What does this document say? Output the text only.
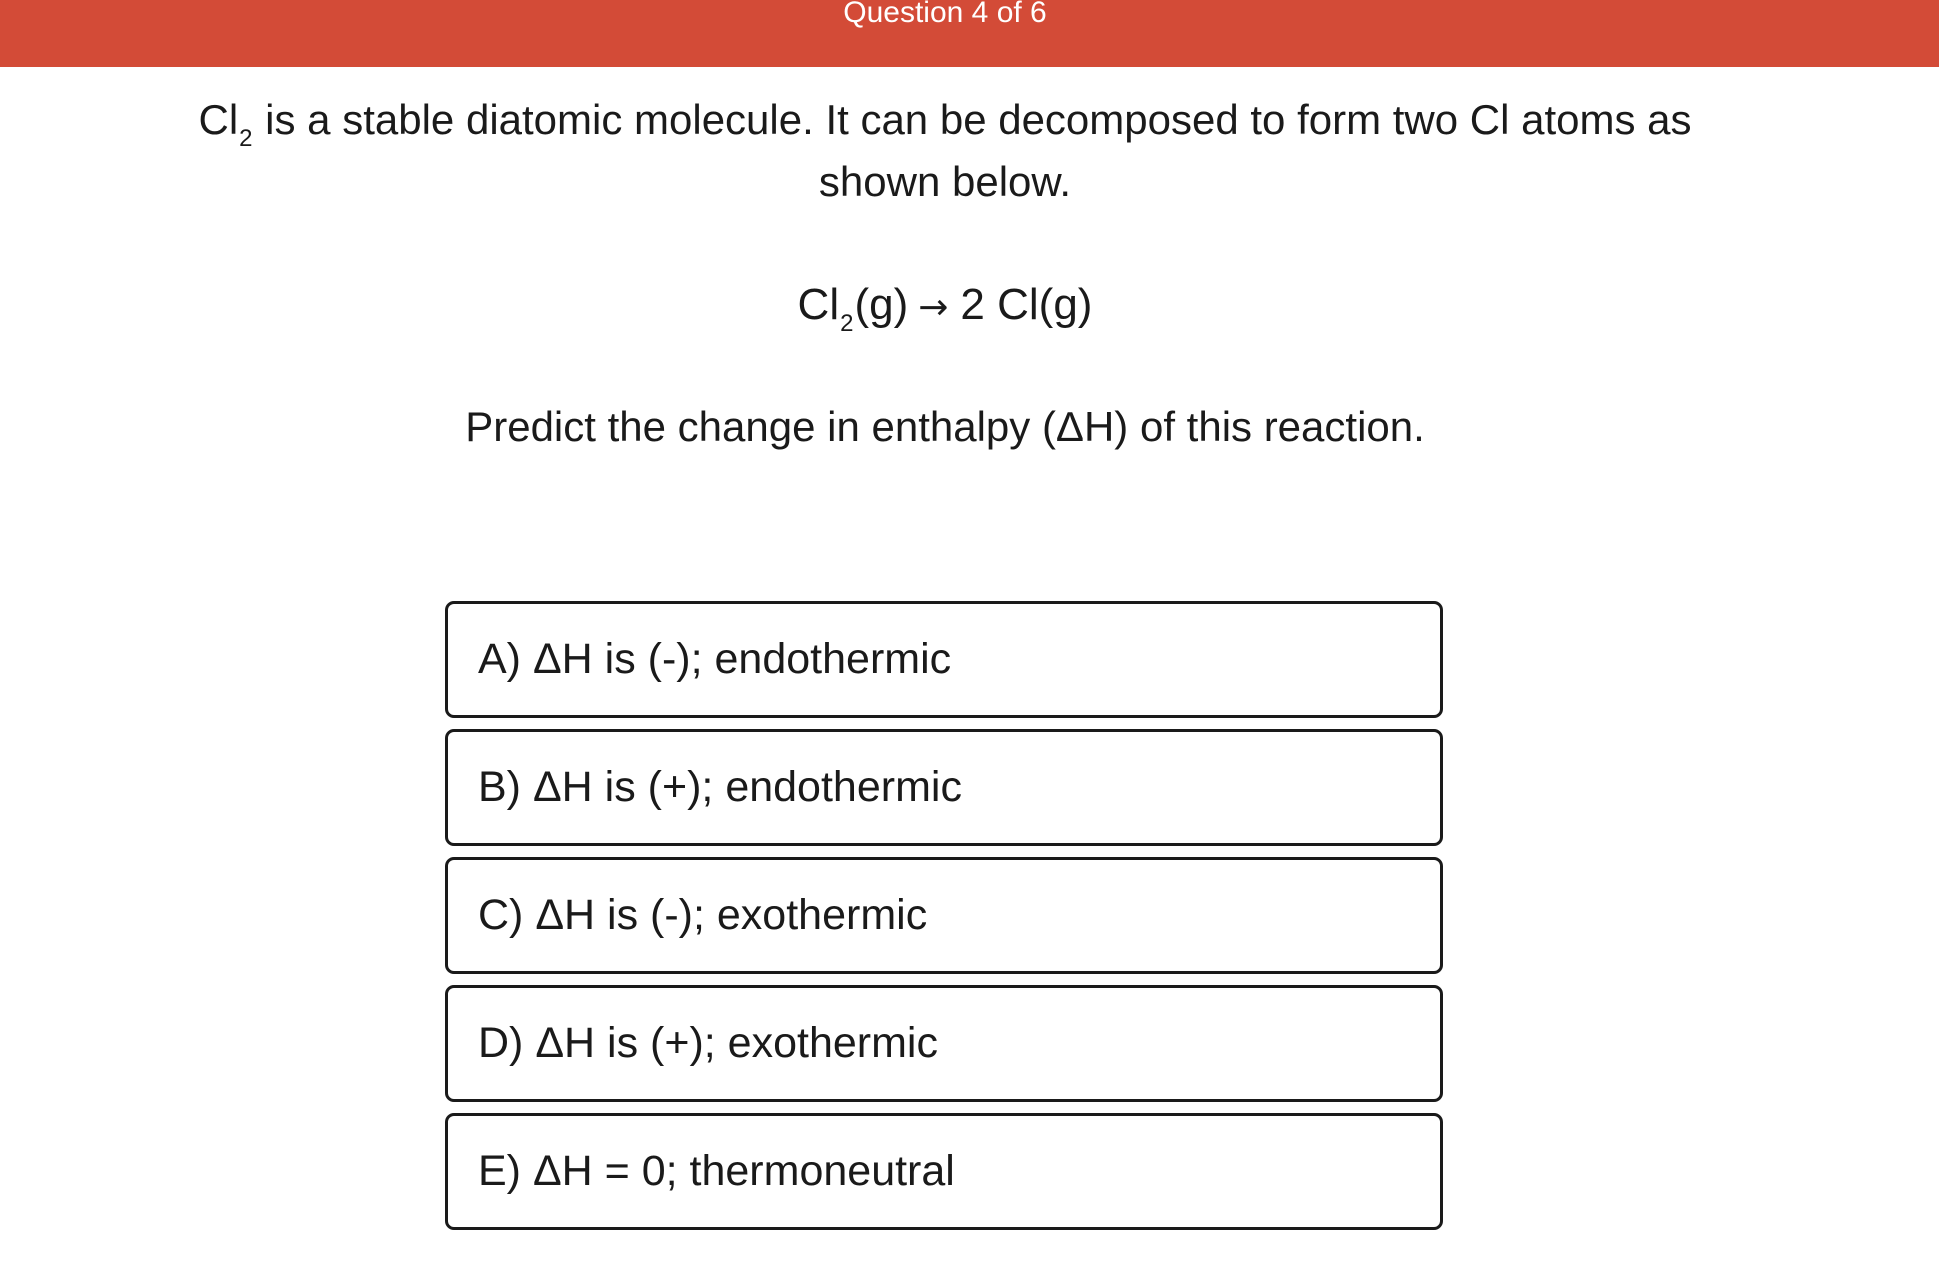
Question 4 of 6
$Cl_2$ is a stable diatomic molecule. It can be decomposed to form two Cl atoms as shown below.
$Cl_2(g) \to 2$ Cl(g)
Predict the change in enthalpy (ΔH) of this reaction.
A) ΔH is (-); endothermic
B) ΔH is (+); endothermic
C) ΔH is (-); exothermic
D) ΔH is (+); exothermic
E) ΔH = 0; thermoneutral
